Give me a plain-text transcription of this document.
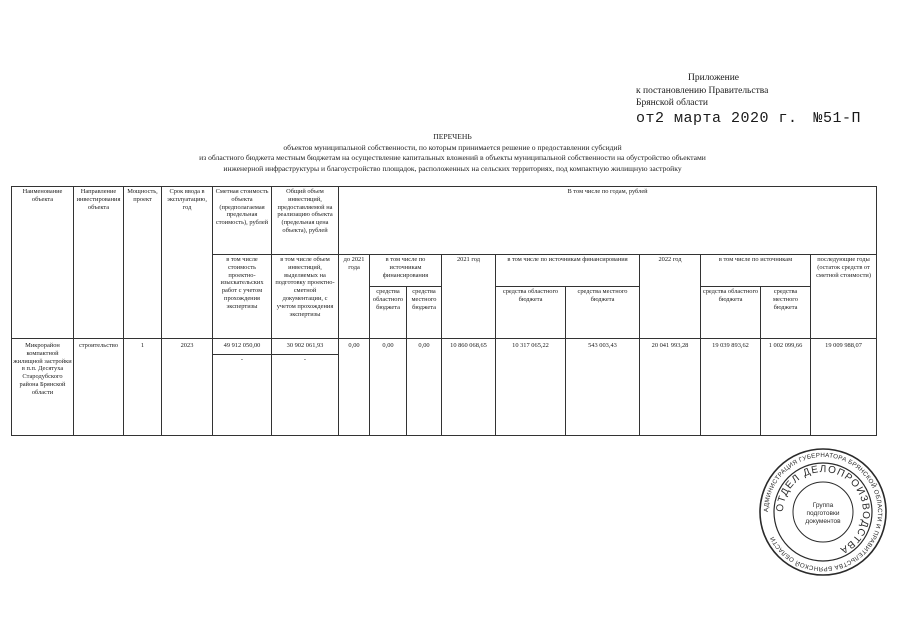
Приложение
к постановлению Правительства
Брянской области
от2 марта 2020 г. №51-П
ПЕРЕЧЕНЬ
объектов муниципальной собственности, по которым принимается решение о предоставлении субсидий
из областного бюджета местным бюджетам на осуществление капитальных вложений в объекты муниципальной собственности на обустройство объектами
инженерной инфраструктуры и благоустройство площадок, расположенных на сельских территориях, под компактную жилищную застройку
Наименование объекта	Направление инвестирования объекта	Мощность, проект	Срок ввода в эксплуатацию, год	Сметная стоимость объекта (предполагаемая предельная стоимость), рублей	Общий объем инвестиций, предоставляемой на реализацию объекта (предельная цена объекта), рублей	В том числе по годам, рублей									
				в том числе стоимость проектно-изыскательских работ с учетом прохождения экспертизы	в том числе объем инвестиций, выделяемых на подготовку проектно-сметной документации, с учетом прохождения экспертизы	до 2021 года	в том числе по источникам финансирования		2021 год	в том числе по источникам финансирования		2022 год	в том числе по источникам		последующие годы (остаток средств от сметной стоимости)
							средства областного бюджета	средства местного бюджета		средства областного бюджета	средства местного бюджета		средства областного бюджета	средства местного бюджета	
Микрорайон компактной жилищной застройки в п.п. Десятуха Стародубского района Брянской области	строительство	1	2023	49 912 050,00	30 902 061,93	0,00	0,00	0,00	10 860 068,65	10 317 065,22	543 003,43	20 041 993,28	19 039 893,62	1 002 099,66	19 009 988,07
				-	-										
АДМИНИСТРАЦИЯ ГУБЕРНАТОРА БРЯНСКОЙ ОБЛАСТИ И ПРАВИТЕЛЬСТВА БРЯНСКОЙ ОБЛАСТИ
ОТДЕЛ ДЕЛОПРОИЗВОДСТВА
Группа
подготовки
документов
